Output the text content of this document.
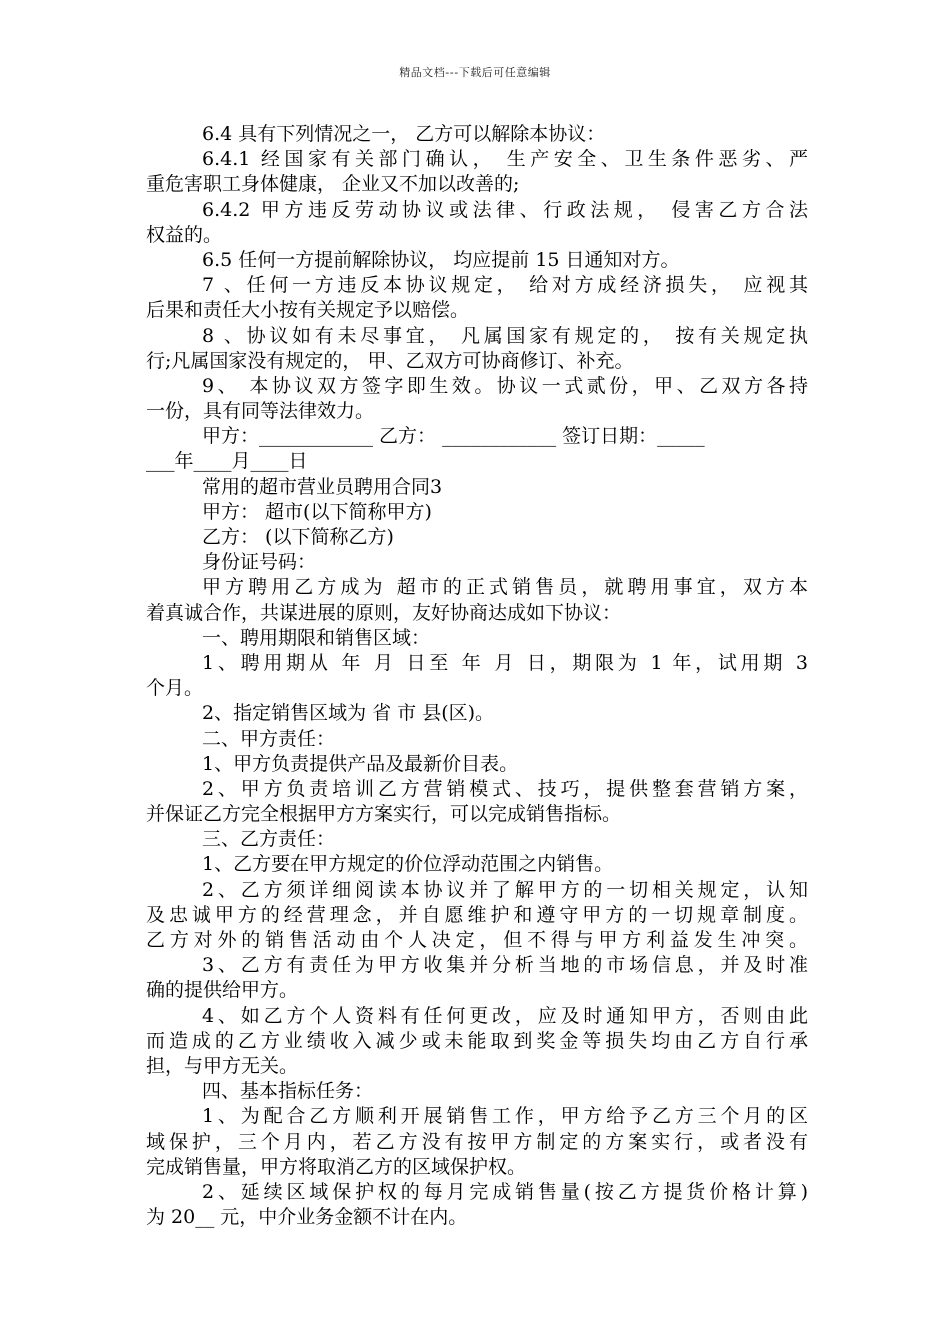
精品文档---下载后可任意编辑
6.4 具有下列情况之一， 乙方可以解除本协议：
6.4.1 经国家有关部门确认， 生产安全、卫生条件恶劣、严
重危害职工身体健康， 企业又不加以改善的;
6.4.2 甲方违反劳动协议或法律、行政法规， 侵害乙方合法
权益的。
6.5 任何一方提前解除协议， 均应提前 15 日通知对方。
7 、任何一方违反本协议规定， 给对方成经济损失， 应视其
后果和责任大小按有关规定予以赔偿。
8 、协议如有未尽事宜， 凡属国家有规定的， 按有关规定执
行;凡属国家没有规定的， 甲、乙双方可协商修订、补充。
9、 本协议双方签字即生效。协议一式贰份，甲、乙双方各持
一份，具有同等法律效力。
甲方：____________ 乙方： ____________ 签订日期：_____
___年____月____日
常用的超市营业员聘用合同3
甲方： 超市(以下简称甲方)
乙方： (以下简称乙方)
身份证号码：
甲方聘用乙方成为 超市的正式销售员，就聘用事宜，双方本
着真诚合作，共谋进展的原则，友好协商达成如下协议：
一、聘用期限和销售区域：
1、聘用期从 年 月 日至 年 月 日，期限为 1 年，试用期 3
个月。
2、指定销售区域为 省 市 县(区)。
二、甲方责任：
1、甲方负责提供产品及最新价目表。
2、甲方负责培训乙方营销模式、技巧，提供整套营销方案，
并保证乙方完全根据甲方方案实行，可以完成销售指标。
三、乙方责任：
1、乙方要在甲方规定的价位浮动范围之内销售。
2、乙方须详细阅读本协议并了解甲方的一切相关规定，认知
及忠诚甲方的经营理念，并自愿维护和遵守甲方的一切规章制度。
乙方对外的销售活动由个人决定，但不得与甲方利益发生冲突。
3、乙方有责任为甲方收集并分析当地的市场信息，并及时准
确的提供给甲方。
4、如乙方个人资料有任何更改，应及时通知甲方，否则由此
而造成的乙方业绩收入减少或未能取到奖金等损失均由乙方自行承
担，与甲方无关。
四、基本指标任务：
1、为配合乙方顺利开展销售工作，甲方给予乙方三个月的区
域保护，三个月内，若乙方没有按甲方制定的方案实行，或者没有
完成销售量，甲方将取消乙方的区域保护权。
2、延续区域保护权的每月完成销售量(按乙方提货价格计算)
为 20__ 元，中介业务金额不计在内。
